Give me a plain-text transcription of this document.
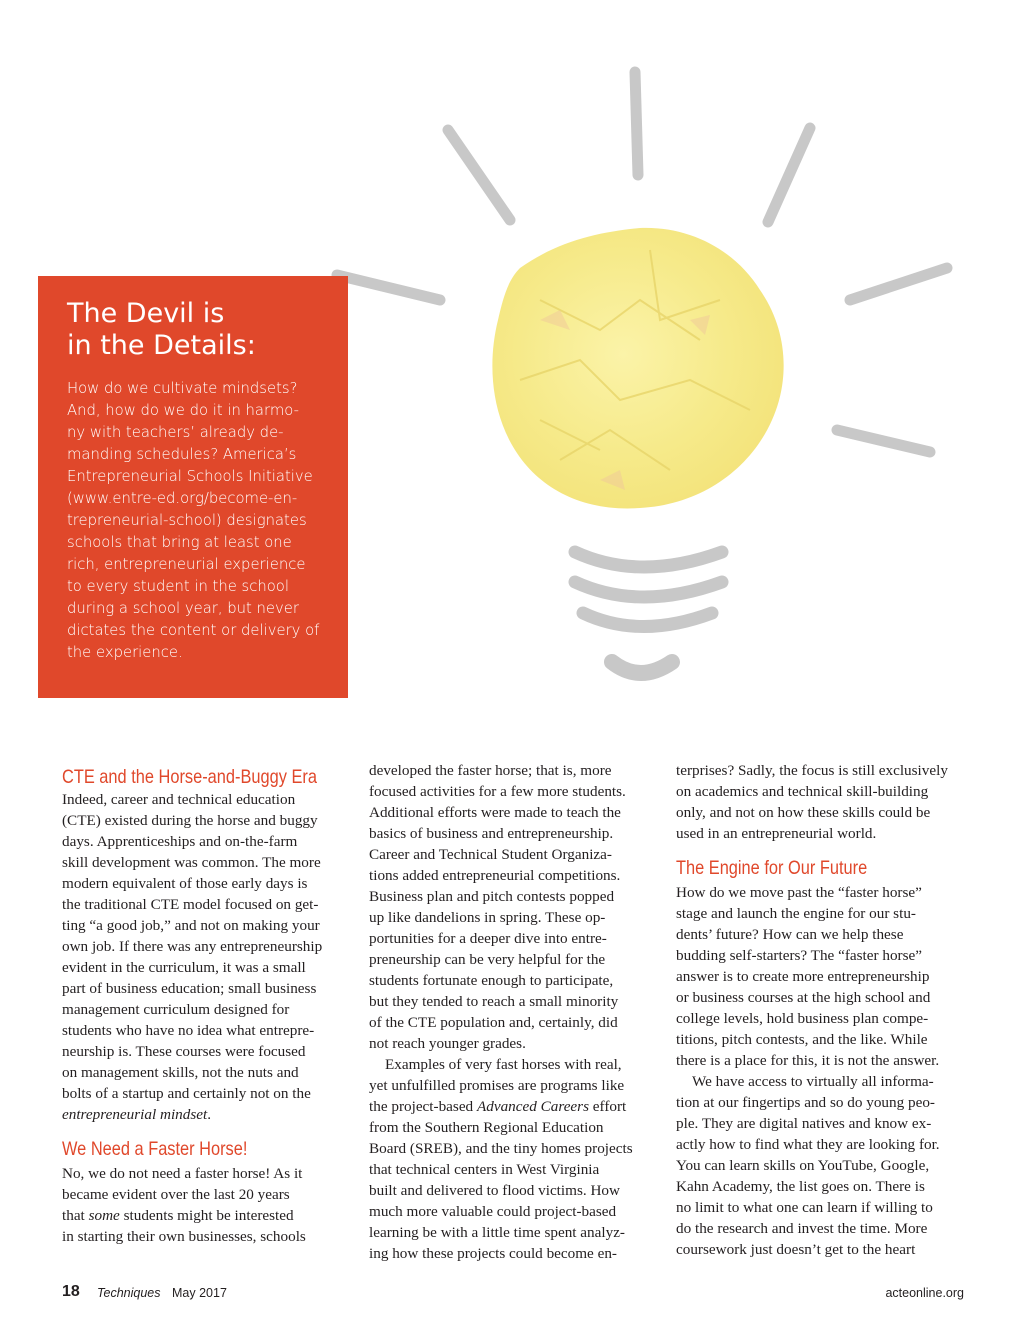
The Devil is
in the Details:

How do we cultivate mindsets?
And, how do we do it in harmo-
ny with teachers’ already de-
manding schedules? America’s
Entrepreneurial Schools Initiative
(www.entre-ed.org/become-en-
trepreneurial-school) designates
schools that bring at least one
rich, entrepreneurial experience
to every student in the school
during a school year, but never
dictates the content or delivery of
the experience.

CTE and the Horse-and-Buggy Era

Indeed, career and technical education
(CTE) existed during the horse and buggy
days. Apprenticeships and on-the-farm
skill development was common. The more
modern equivalent of those early days is
the traditional CTE model focused on get-
ting “a good job,” and not on making your
own job. If there was any entrepreneurship
evident in the curriculum, it was a small
part of business education; small business
management curriculum designed for
students who have no idea what entrepre-
neurship is. These courses were focused
on management skills, not the nuts and
bolts of a startup and certainly not on the
entrepreneurial mindset.

We Need a Faster Horse!

No, we do not need a faster horse! As it
became evident over the last 20 years
that some students might be interested
in starting their own businesses, schools

developed the faster horse; that is, more
focused activities for a few more students.
Additional efforts were made to teach the
basics of business and entrepreneurship.
Career and Technical Student Organiza-
tions added entrepreneurial competitions.
Business plan and pitch contests popped
up like dandelions in spring. These op-
portunities for a deeper dive into entre-
preneurship can be very helpful for the
students fortunate enough to participate,
but they tended to reach a small minority
of the CTE population and, certainly, did
not reach younger grades.

Examples of very fast horses with real,
yet unfulfilled promises are programs like
the project-based Advanced Careers effort
from the Southern Regional Education
Board (SREB), and the tiny homes projects
that technical centers in West Virginia
built and delivered to flood victims. How
much more valuable could project-based
learning be with a little time spent analyz-
ing how these projects could become en-

terprises? Sadly, the focus is still exclusively
on academics and technical skill-building
only, and not on how these skills could be
used in an entrepreneurial world.

The Engine for Our Future

How do we move past the “faster horse”
stage and launch the engine for our stu-
dents’ future? How can we help these
budding self-starters? The “faster horse”
answer is to create more entrepreneurship
or business courses at the high school and
college levels, hold business plan compe-
titions, pitch contests, and the like. While
there is a place for this, it is not the answer.

We have access to virtually all informa-
tion at our fingertips and so do young peo-
ple. They are digital natives and know ex-
actly how to find what they are looking for.
You can learn skills on YouTube, Google,
Kahn Academy, the list goes on. There is
no limit to what one can learn if willing to
do the research and invest the time. More
coursework just doesn’t get to the heart

18 Techniques May 2017	acteonline.org
